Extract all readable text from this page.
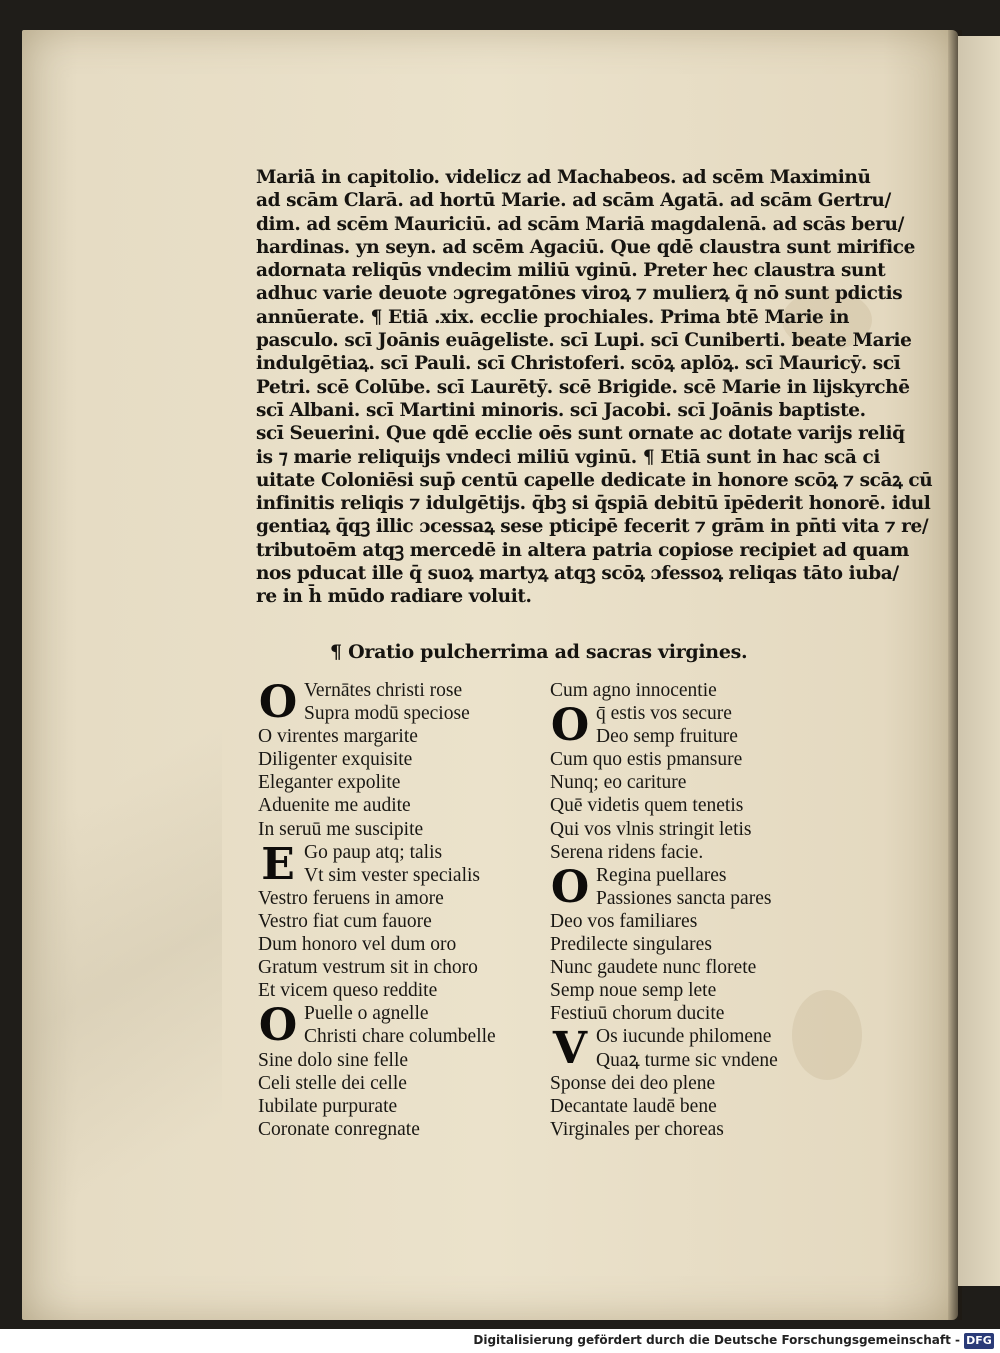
Mariā in capitolio. videlicz ad Machabeos. ad scēm Maximinū
ad scām Clarā. ad hortū Marie. ad scām Agatā. ad scām Gertru/
dim. ad scēm Mauriciū. ad scām Mariā magdalenā. ad scās beru/
hardinas. yn seyn. ad scēm Agaciū. Que qdē claustra sunt mirifice
adornata reliqūs vndecim miliū vginū. Preter hec claustra sunt
adhuc varie deuote ɔgregatōnes viroꝝ ⁊ mulierꝝ q̄ nō sunt pdictis
annūerate. ¶ Etiā .xix. ecclie prochiales. Prima btē Marie in
pasculo. scī Joānis euāgeliste. scī Lupi. scī Cuniberti. beate Marie
indulgētiaꝝ. scī Pauli. scī Christoferi. scōꝝ aplōꝝ. scī Mauricȳ. scī
Petri. scē Colūbe. scī Laurētȳ. scē Brigide. scē Marie in lijskyrchē
scī Albani. scī Martini minoris. scī Jacobi. scī Joānis baptiste.
scī Seuerini. Que qdē ecclie oēs sunt ornate ac dotate varijs reliq̄
is ⁊ marie reliquijs vndeci miliū vginū. ¶ Etiā sunt in hac scā ci
uitate Coloniēsi sup̄ centū capelle dedicate in honore scōꝝ ⁊ scāꝝ cū
infinitis reliqis ⁊ idulgētijs. q̄bꝫ si q̄spiā debitū īpēderit honorē. idul
gentiaꝝ q̄qꝫ illic ɔcessaꝝ sese pticipē fecerit ⁊ grām in pn̄ti vita ⁊ re/
tributoēm atqꝫ mercedē in altera patria copiose recipiet ad quam
nos pducat ille q̄ suoꝝ martyꝝ atqꝫ scōꝝ ɔfessoꝝ reliqas tāto iuba/
re in h̄ mūdo radiare voluit.
¶ Oratio pulcherrima ad sacras virgines.
O Vernātes christi rose
Supra modū speciose
O virentes margarite
Diligenter exquisite
Eleganter expolite
Aduenite me audite
In seruū me suscipite
E Go paup atq; talis
Vt sim vester specialis
Vestro feruens in amore
Vestro fiat cum fauore
Dum honoro vel dum oro
Gratum vestrum sit in choro
Et vicem queso reddite
O Puelle o agnelle
Christi chare columbelle
Sine dolo sine felle
Celi stelle dei celle
Iubilate purpurate
Coronate conregnate
Cum agno innocentie
O q̄ estis vos secure
Deo semp fruiture
Cum quo estis pmansure
Nunq; eo cariture
Quē videtis quem tenetis
Qui vos vlnis stringit letis
Serena ridens facie.
O Regina puellares
Passiones sancta pares
Deo vos familiares
Predilecte singulares
Nunc gaudete nunc florete
Semp noue semp lete
Festiuū chorum ducite
V Os iucunde philomene
Quaꝝ turme sic vndene
Sponse dei deo plene
Decantate laudē bene
Virginales per choreas
Digitalisierung gefördert durch die Deutsche Forschungsgemeinschaft - DFG
